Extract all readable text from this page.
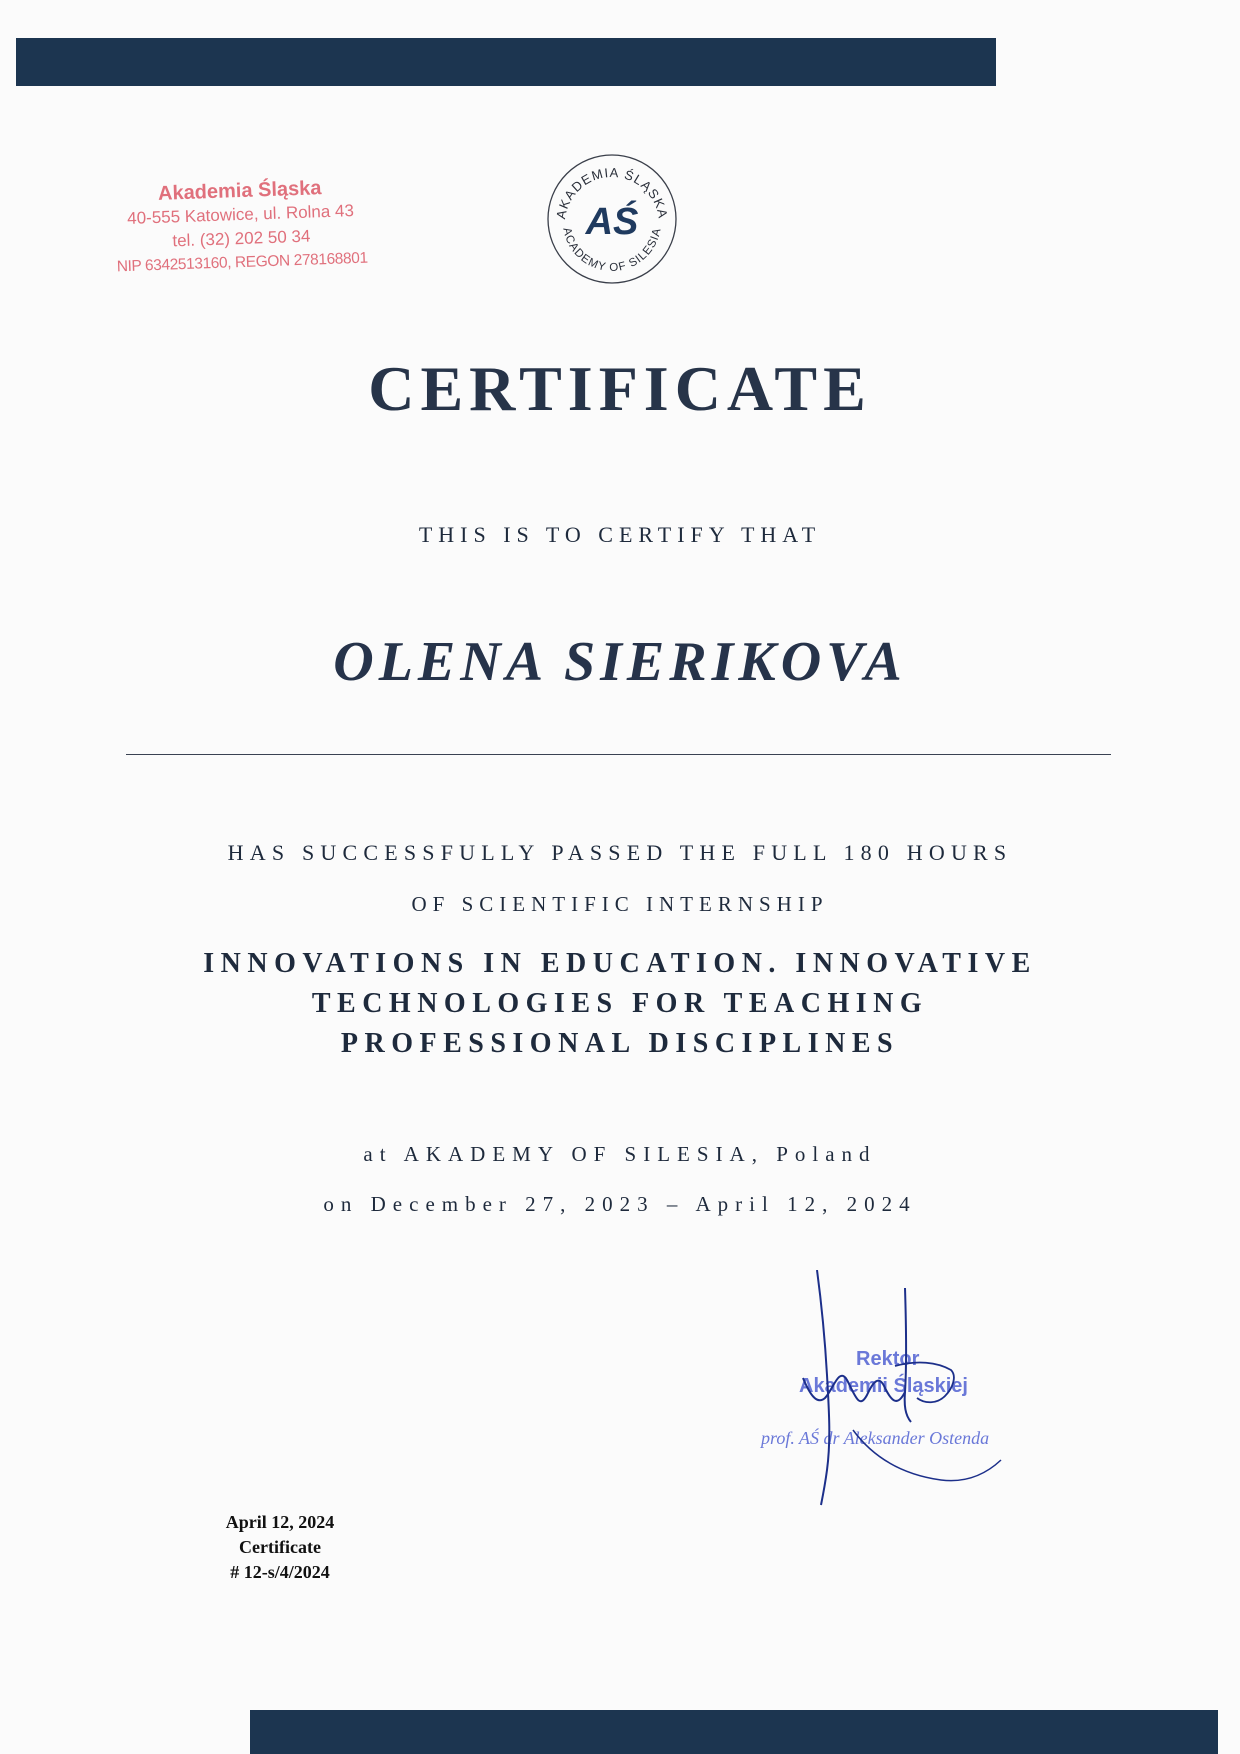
Akademia Śląska
40-555 Katowice, ul. Rolna 43
tel. (32) 202 50 34
NIP 6342513160, REGON 278168801
AKADEMIA ŚLĄSKA
ACADEMY OF SILESIA
AŚ
CERTIFICATE
THIS IS TO CERTIFY THAT
OLENA SIERIKOVA
HAS SUCCESSFULLY PASSED THE FULL 180 HOURS
OF SCIENTIFIC INTERNSHIP
INNOVATIONS IN EDUCATION. INNOVATIVE
TECHNOLOGIES FOR TEACHING
PROFESSIONAL DISCIPLINES
at AKADEMY OF SILESIA, Poland
on December 27, 2023 – April 12, 2024
Rektor
Akademii Śląskiej
prof. AŚ dr Aleksander Ostenda
April 12, 2024
Certificate
# 12-s/4/2024
